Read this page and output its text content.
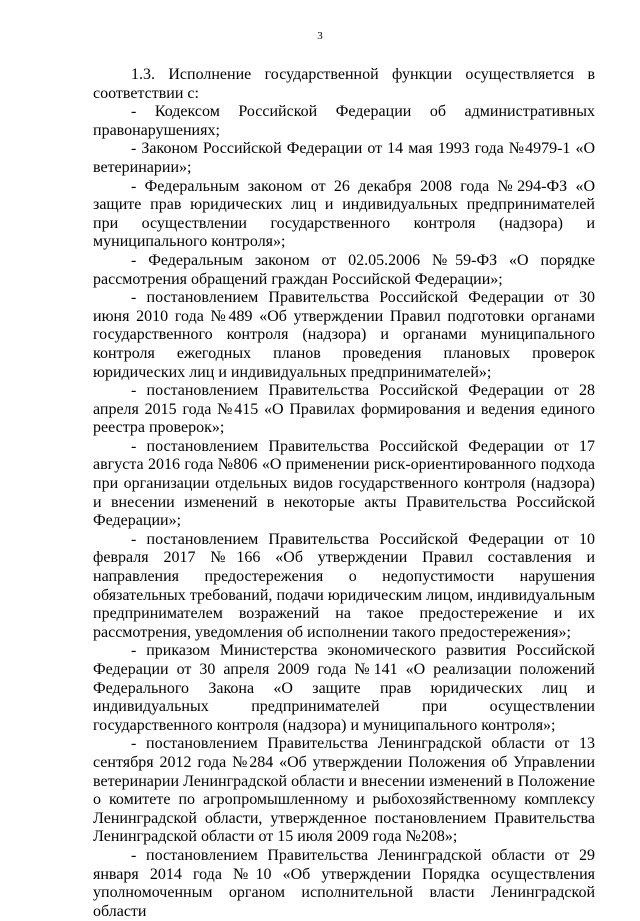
3

1.3. Исполнение государственной функции осуществляется в соответствии с:

- Кодексом Российской Федерации об административных правонарушениях;

- Законом Российской Федерации от 14 мая 1993 года №4979-1 «О ветеринарии»;

- Федеральным законом от 26 декабря 2008 года №294-ФЗ «О защите прав юридических лиц и индивидуальных предпринимателей при осуществлении государственного контроля (надзора) и муниципального контроля»;

- Федеральным законом от 02.05.2006 №59-ФЗ «О порядке рассмотрения обращений граждан Российской Федерации»;

- постановлением Правительства Российской Федерации от 30 июня 2010 года №489 «Об утверждении Правил подготовки органами государственного контроля (надзора) и органами муниципального контроля ежегодных планов проведения плановых проверок юридических лиц и индивидуальных предпринимателей»;

- постановлением Правительства Российской Федерации от 28 апреля 2015 года №415 «О Правилах формирования и ведения единого реестра проверок»;

- постановлением Правительства Российской Федерации от 17 августа 2016 года №806 «О применении риск-ориентированного подхода при организации отдельных видов государственного контроля (надзора) и внесении изменений в некоторые акты Правительства Российской Федерации»;

- постановлением Правительства Российской Федерации от 10 февраля 2017 №166 «Об утверждении Правил составления и направления предостережения о недопустимости нарушения обязательных требований, подачи юридическим лицом, индивидуальным предпринимателем возражений на такое предостережение и их рассмотрения, уведомления об исполнении такого предостережения»;

- приказом Министерства экономического развития Российской Федерации от 30 апреля 2009 года №141 «О реализации положений Федерального Закона «О защите прав юридических лиц и индивидуальных предпринимателей при осуществлении государственного контроля (надзора) и муниципального контроля»;

- постановлением Правительства Ленинградской области от 13 сентября 2012 года №284 «Об утверждении Положения об Управлении ветеринарии Ленинградской области и внесении изменений в Положение о комитете по агропромышленному и рыбохозяйственному комплексу Ленинградской области, утвержденное постановлением Правительства Ленинградской области от 15 июля 2009 года №208»;

- постановлением Правительства Ленинградской области от 29 января 2014 года №10 «Об утверждении Порядка осуществления уполномоченным органом исполнительной власти Ленинградской области
